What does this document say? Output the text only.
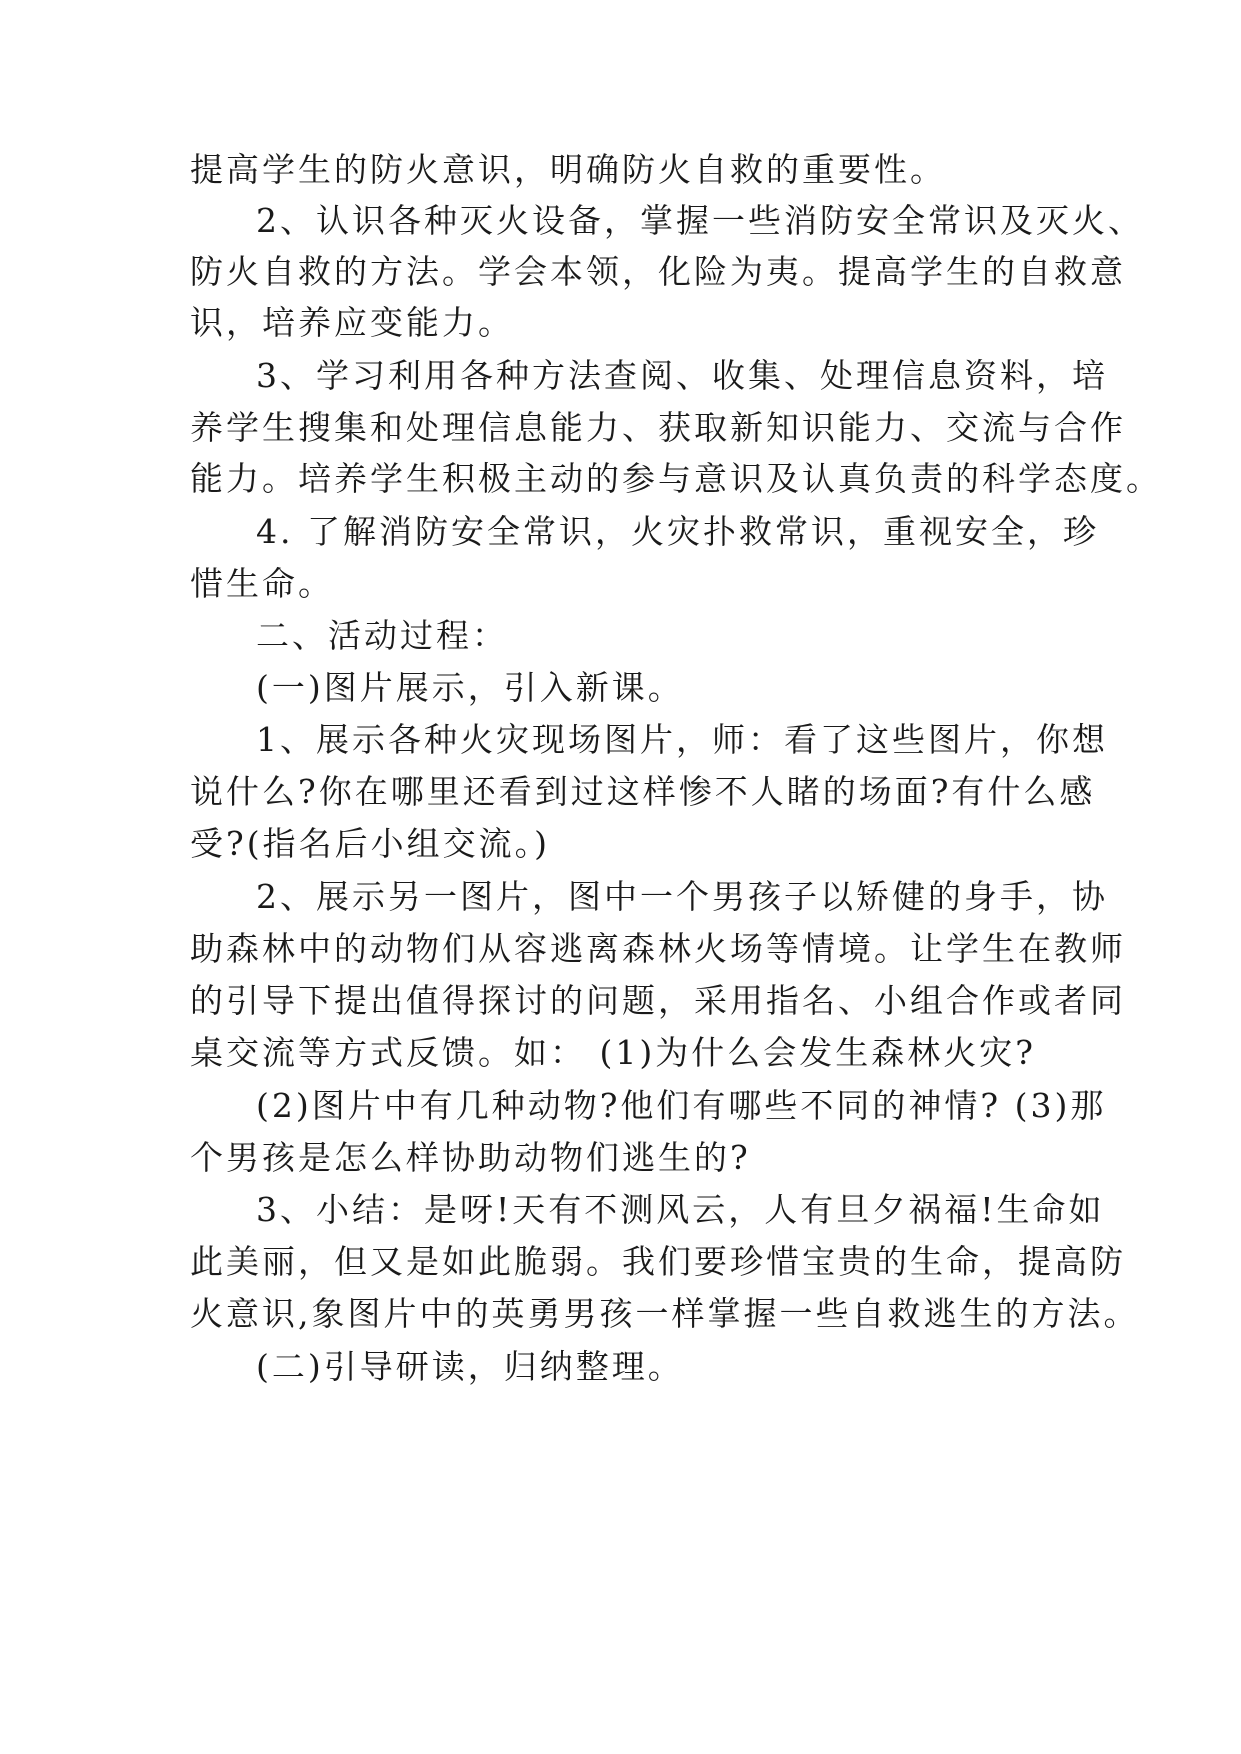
提高学生的防火意识，明确防火自救的重要性。
2、认识各种灭火设备，掌握一些消防安全常识及灭火、
防火自救的方法。学会本领，化险为夷。提高学生的自救意
识，培养应变能力。
3、学习利用各种方法查阅、收集、处理信息资料，培
养学生搜集和处理信息能力、获取新知识能力、交流与合作
能力。培养学生积极主动的参与意识及认真负责的科学态度。
4. 了解消防安全常识，火灾扑救常识，重视安全，珍
惜生命。
二、活动过程：
(一)图片展示，引入新课。
1、展示各种火灾现场图片，师：看了这些图片，你想
说什么?你在哪里还看到过这样惨不人睹的场面?有什么感
受?(指名后小组交流。)
2、展示另一图片，图中一个男孩子以矫健的身手，协
助森林中的动物们从容逃离森林火场等情境。让学生在教师
的引导下提出值得探讨的问题，采用指名、小组合作或者同
桌交流等方式反馈。如： (1)为什么会发生森林火灾?
(2)图片中有几种动物?他们有哪些不同的神情? (3)那
个男孩是怎么样协助动物们逃生的?
3、小结：是呀!天有不测风云，人有旦夕祸福!生命如
此美丽，但又是如此脆弱。我们要珍惜宝贵的生命，提高防
火意识,象图片中的英勇男孩一样掌握一些自救逃生的方法。
(二)引导研读，归纳整理。
